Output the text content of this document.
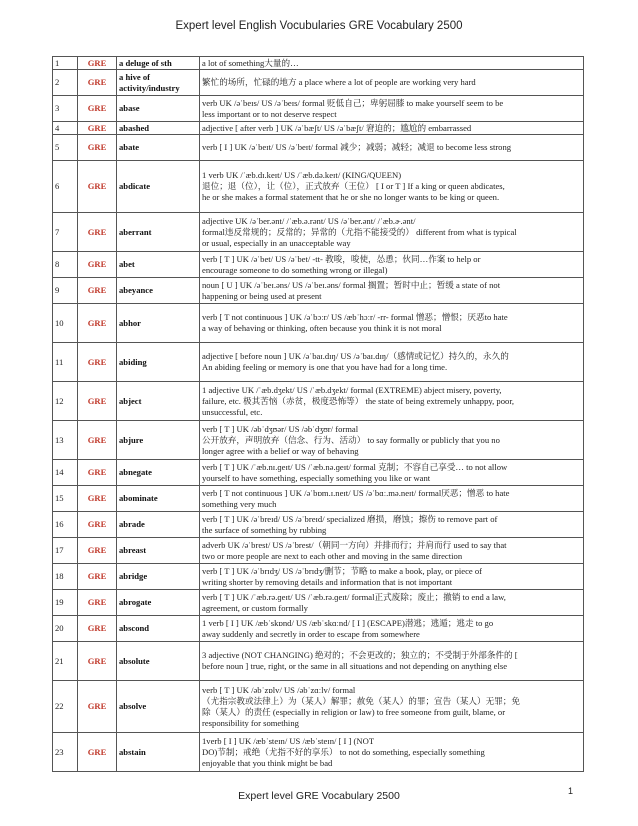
Expert level English Vocubularies GRE Vocabulary 2500
1	GRE	a deluge of sth	a lot of something大量的…

2	GRE	a hive of activity/industry	繁忙的场所，忙碌的地方 a place where a lot of people are working very hard

3	GRE	abase	verb UK /əˈbeɪs/ US /əˈbeɪs/ formal 贬低自己；卑躬屈膝 to make yourself seem to be
less important or to not deserve respect

4	GRE	abashed	adjective [ after verb ] UK /əˈbæʃt/ US /əˈbæʃt/ 窘迫的；尴尬的 embarrassed

5	GRE	abate	verb [ I ] UK /əˈbeɪt/ US /əˈbeɪt/ formal 减少；减弱；减轻；减退 to become less strong

6	GRE	abdicate	1 verb UK /ˈæb.dɪ.keɪt/ US /ˈæb.də.keɪt/ (KING/QUEEN)
退位；退（位），让（位），正式放弃（王位） [ I or T ] If a king or queen abdicates,
he or she makes a formal statement that he or she no longer wants to be king or queen.

7	GRE	aberrant	adjective UK /əˈber.ənt/ /ˈæb.ə.rənt/ US /əˈber.ənt/ /ˈæb.ɚ.ənt/
formal违反常规的；反常的；异常的（尤指不能接受的） different from what is typical
or usual, especially in an unacceptable way

8	GRE	abet	verb [ T ] UK /əˈbet/ US /əˈbet/ -tt- 教唆，唆使，怂恿；伙同…作案 to help or
encourage someone to do something wrong or illegal)

9	GRE	abeyance	noun [ U ] UK /əˈbeɪ.əns/ US /əˈbeɪ.əns/ formal 搁置；暂时中止；暂缓 a state of not
happening or being used at present

10	GRE	abhor	verb [ T not continuous ] UK /əˈbɔːr/ US /æbˈhɔːr/ -rr- formal 憎恶；憎恨；厌恶to hate
a way of behaving or thinking, often because you think it is not moral

11	GRE	abiding	adjective [ before noun ] UK /əˈbaɪ.dɪŋ/ US /əˈbaɪ.dɪŋ/（感情或记忆）持久的，永久的
An abiding feeling or memory is one that you have had for a long time.

12	GRE	abject	1 adjective UK /ˈæb.dʒekt/ US /ˈæb.dʒekt/ formal (EXTREME) abject misery, poverty,
failure, etc. 极其苦恼（赤贫，极度恐怖等） the state of being extremely unhappy, poor,
unsuccessful, etc.

13	GRE	abjure	verb [ T ] UK /əbˈdʒʊər/ US /əbˈdʒʊr/ formal
公开放弃，声明放弃（信念、行为、活动） to say formally or publicly that you no
longer agree with a belief or way of behaving

14	GRE	abnegate	verb [ T ] UK /ˈæb.nɪ.ɡeɪt/ US /ˈæb.nə.ɡeɪt/ formal 克制；不容自己享受… to not allow
yourself to have something, especially something you like or want

15	GRE	abominate	verb [ T not continuous ] UK /əˈbɒm.ɪ.neɪt/ US /əˈbɑː.mə.neɪt/ formal厌恶；憎恶 to hate
something very much

16	GRE	abrade	verb [ T ] UK /əˈbreɪd/ US /əˈbreɪd/ specialized 磨损，磨蚀；擦伤 to remove part of
the surface of something by rubbing

17	GRE	abreast	adverb UK /əˈbrest/ US /əˈbrest/（朝同一方向）并排而行；并肩而行 used to say that
two or more people are next to each other and moving in the same direction

18	GRE	abridge	verb [ T ] UK /əˈbrɪdʒ/ US /əˈbrɪdʒ/删节；节略 to make a book, play, or piece of
writing shorter by removing details and information that is not important

19	GRE	abrogate	verb [ T ] UK /ˈæb.rə.ɡeɪt/ US /ˈæb.rə.ɡeɪt/ formal正式废除；废止；撤销 to end a law,
agreement, or custom formally

20	GRE	abscond	1 verb [ I ] UK /æbˈskɒnd/ US /æbˈskɑːnd/ [ I ] (ESCAPE)潜逃；逃遁；逃走 to go
away suddenly and secretly in order to escape from somewhere

21	GRE	absolute	3 adjective (NOT CHANGING) 绝对的；不会更改的；独立的；不受制于外部条件的 [
before noun ] true, right, or the same in all situations and not depending on anything else

22	GRE	absolve	verb [ T ] UK /əbˈzɒlv/ US /əbˈzɑːlv/ formal
（尤指宗教或法律上）为（某人）解罪；赦免（某人）的罪；宣告（某人）无罪；免
除（某人）的责任 (especially in religion or law) to free someone from guilt, blame, or
responsibility for something

23	GRE	abstain	1verb [ I ] UK /æbˈsteɪn/ US /æbˈsteɪn/ [ I ] (NOT
DO)节制；戒绝（尤指不好的享乐） to not do something, especially something
enjoyable that you think might be bad
Expert level GRE Vocabulary 2500	1
